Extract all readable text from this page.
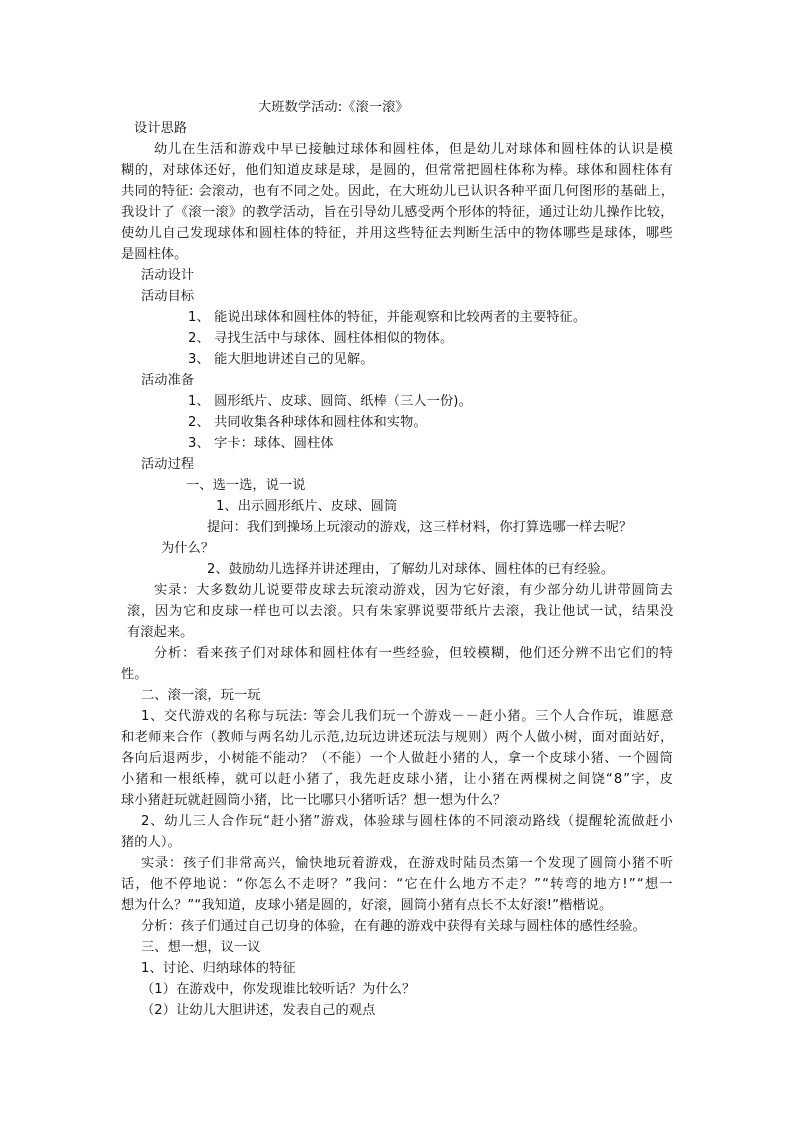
大班数学活动:《滚一滚》
设计思路
幼儿在生活和游戏中早已接触过球体和圆柱体，但是幼儿对球体和圆柱体的认识是模
糊的，对球体还好，他们知道皮球是球，是圆的，但常常把圆柱体称为棒。球体和圆柱体有
共同的特征: 会滚动，也有不同之处。因此，在大班幼儿已认识各种平面几何图形的基础上，
我设计了《滚一滚》的教学活动，旨在引导幼儿感受两个形体的特征，通过让幼儿操作比较，
使幼儿自己发现球体和圆柱体的特征，并用这些特征去判断生活中的物体哪些是球体，哪些
是圆柱体。
活动设计
活动目标
1、 能说出球体和圆柱体的特征，并能观察和比较两者的主要特征。
2、 寻找生活中与球体、圆柱体相似的物体。
3、 能大胆地讲述自己的见解。
活动准备
1、 圆形纸片、皮球、圆筒、纸棒（三人一份)。
2、 共同收集各种球体和圆柱体和实物。
3、 字卡：球体、圆柱体
活动过程
一、选一选，说一说
1、出示圆形纸片、皮球、圆筒
提问：我们到操场上玩滚动的游戏，这三样材料，你打算选哪一样去呢？
为什么？
2、鼓励幼儿选择并讲述理由，了解幼儿对球体、圆柱体的已有经验。
实录：大多数幼儿说要带皮球去玩滚动游戏，因为它好滚，有少部分幼儿讲带圆筒去
滚，因为它和皮球一样也可以去滚。只有朱家骅说要带纸片去滚，我让他试一试，结果没
有滚起来。
分析：看来孩子们对球体和圆柱体有一些经验，但较模糊，他们还分辨不出它们的特
性。
二、滚一滚，玩一玩
1、交代游戏的名称与玩法: 等会儿我们玩一个游戏－－赶小猪。三个人合作玩，谁愿意
和老师来合作（教师与两名幼儿示范,边玩边讲述玩法与规则）两个人做小树，面对面站好，
各向后退两步，小树能不能动？（不能）一个人做赶小猪的人，拿一个皮球小猪、一个圆筒
小猪和一根纸棒，就可以赶小猪了，我先赶皮球小猪，让小猪在两棵树之间饶“8”字，皮
球小猪赶玩就赶圆筒小猪，比一比哪只小猪听话？想一想为什么？
2、幼儿三人合作玩“赶小猪”游戏，体验球与圆柱体的不同滚动路线（提醒轮流做赶小
猪的人）。
实录：孩子们非常高兴，愉快地玩着游戏，在游戏时陆员杰第一个发现了圆筒小猪不听
话，他不停地说：“你怎么不走呀？”我问：“它在什么地方不走？”“转弯的地方!”“想一
想为什么？”“我知道，皮球小猪是圆的，好滚，圆筒小猪有点长不太好滚!”楷楷说。
分析：孩子们通过自己切身的体验，在有趣的游戏中获得有关球与圆柱体的感性经验。
三、想一想，议一议
1、讨论、归纳球体的特征
（1）在游戏中，你发现谁比较听话？为什么？
（2）让幼儿大胆讲述，发表自己的观点
